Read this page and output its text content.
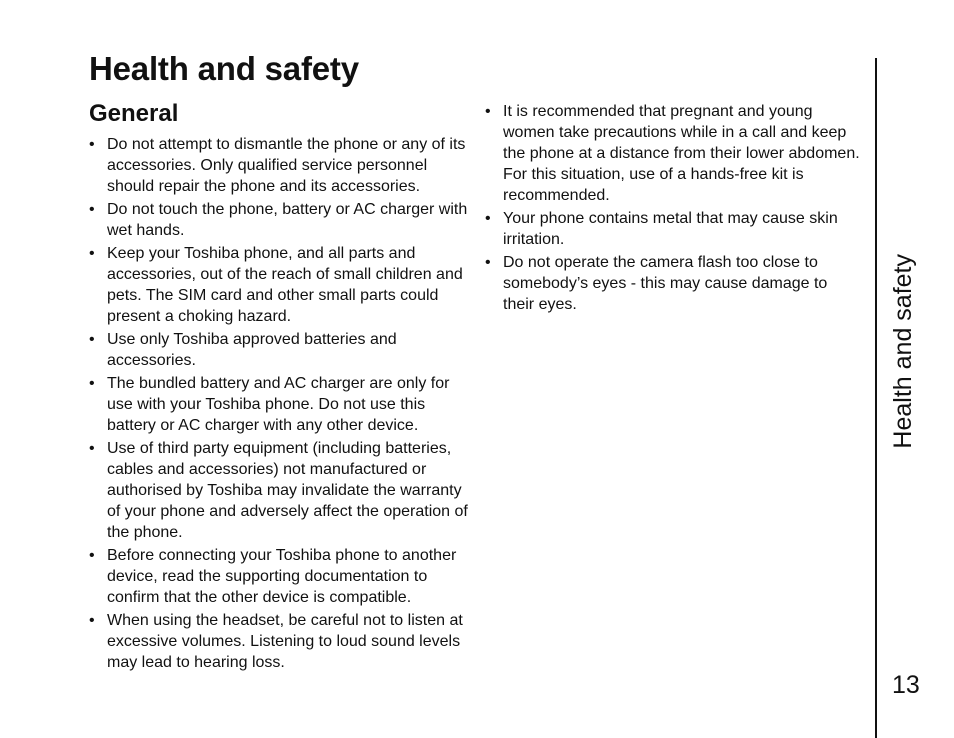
Health and safety
General
• Do not attempt to dismantle the phone or any of its accessories. Only qualified service personnel should repair the phone and its accessories.
• Do not touch the phone, battery or AC charger with wet hands.
• Keep your Toshiba phone, and all parts and accessories, out of the reach of small children and pets. The SIM card and other small parts could present a choking hazard.
• Use only Toshiba approved batteries and accessories.
• The bundled battery and AC charger are only for use with your Toshiba phone. Do not use this battery or AC charger with any other device.
• Use of third party equipment (including batteries, cables and accessories) not manufactured or authorised by Toshiba may invalidate the warranty of your phone and adversely affect the operation of the phone.
• Before connecting your Toshiba phone to another device, read the supporting documentation to confirm that the other device is compatible.
• When using the headset, be careful not to listen at excessive volumes. Listening to loud sound levels may lead to hearing loss.
• It is recommended that pregnant and young women take precautions while in a call and keep the phone at a distance from their lower abdomen. For this situation, use of a hands-free kit is recommended.
• Your phone contains metal that may cause skin irritation.
• Do not operate the camera flash too close to somebody’s eyes - this may cause damage to their eyes.	Health and safety
13
